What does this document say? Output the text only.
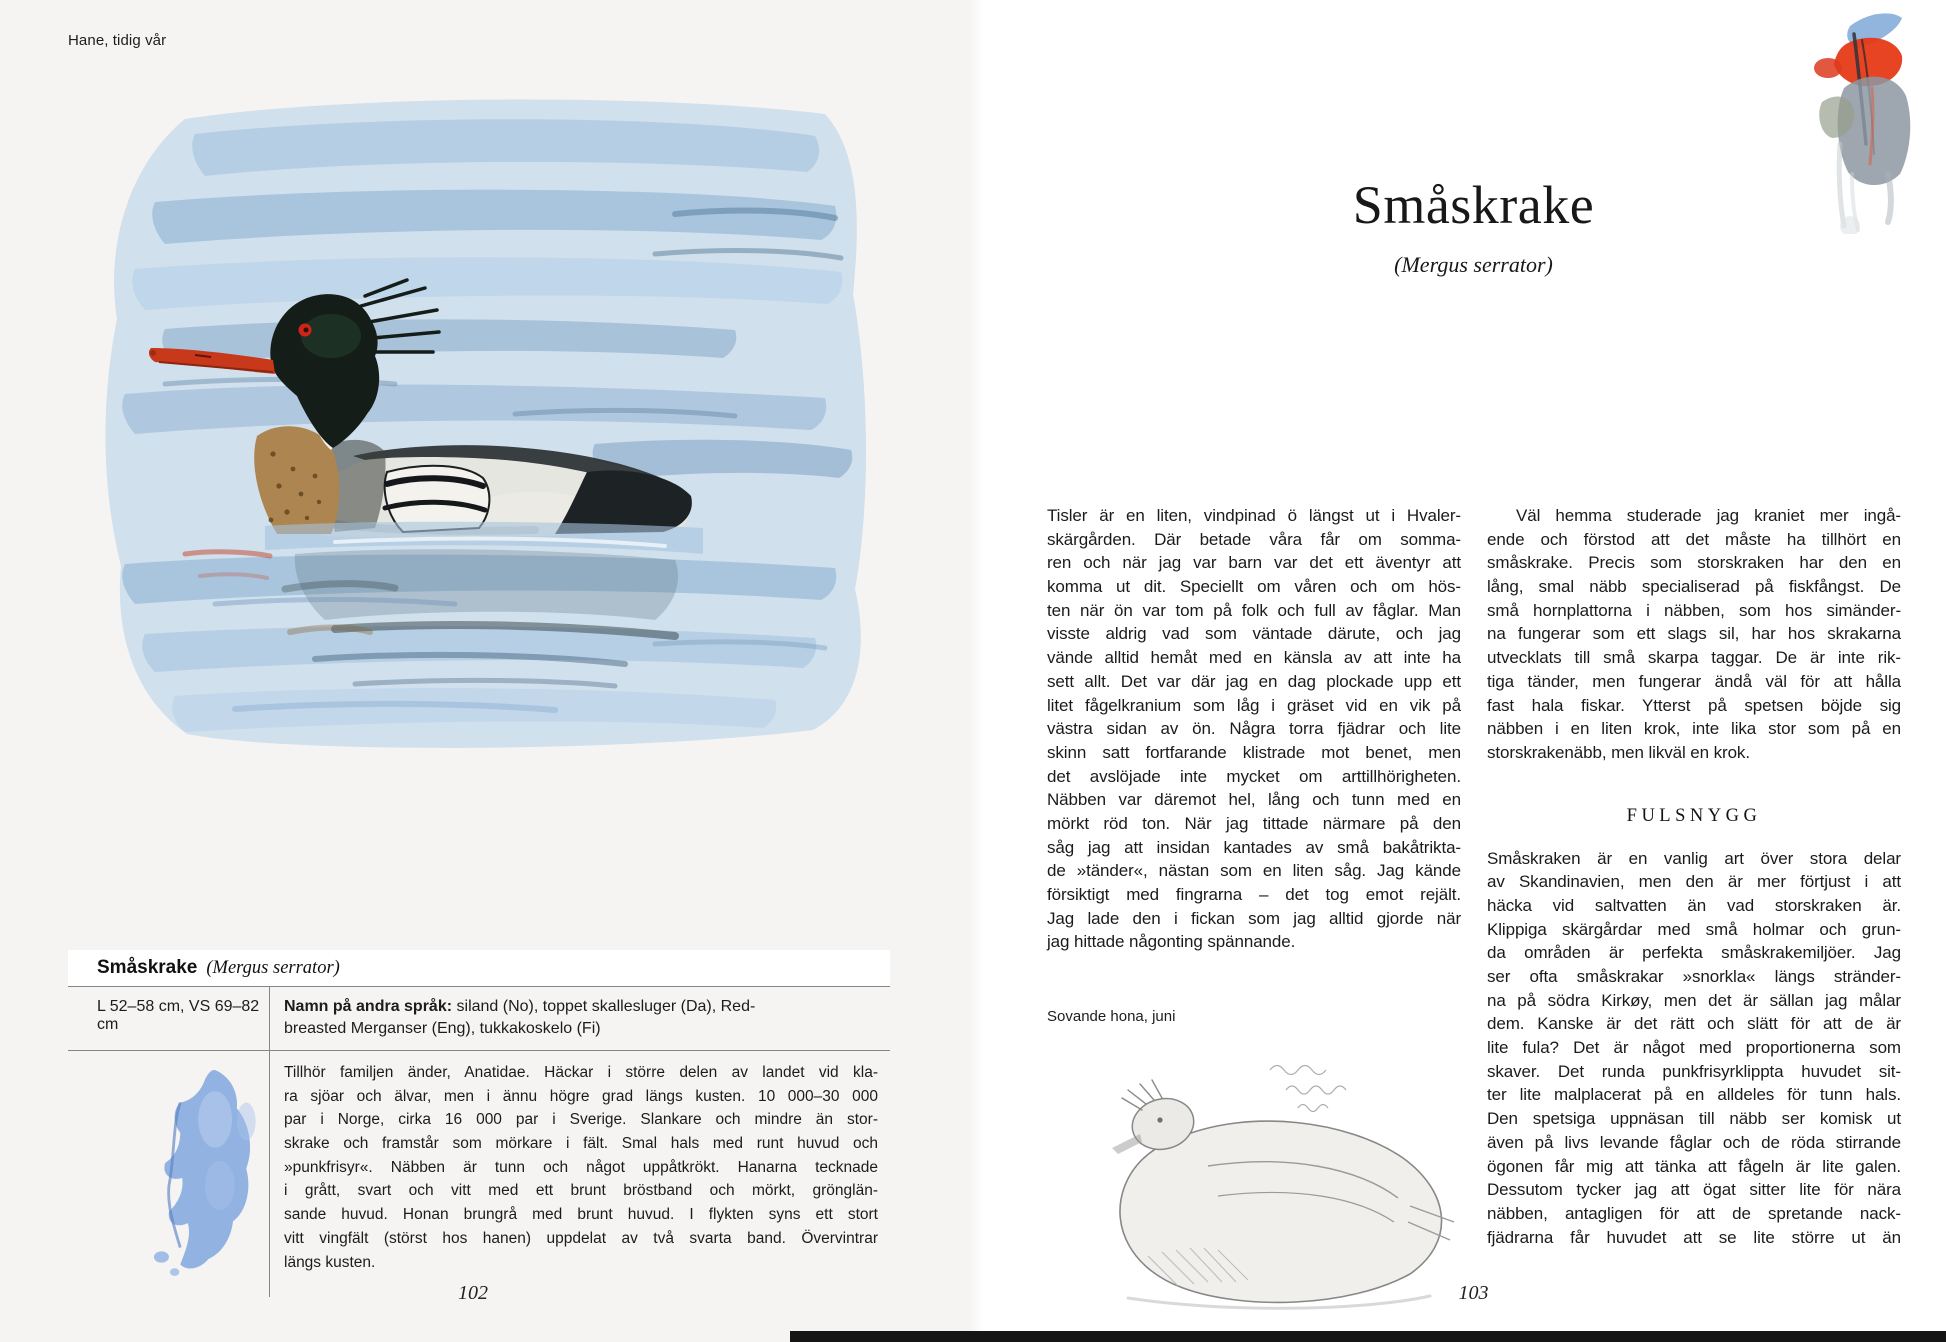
Hane, tidig vår
Småskrake (Mergus serrator)
L 52–58 cm, VS 69–82 cm
Namn på andra språk: siland (No), toppet skallesluger (Da), Red-
breasted Merganser (Eng), tukkakoskelo (Fi)
Tillhör familjen änder, Anatidae. Häckar i större delen av landet vid kla-
ra sjöar och älvar, men i ännu högre grad längs kusten. 10 000–30 000
par i Norge, cirka 16 000 par i Sverige. Slankare och mindre än stor-
skrake och framstår som mörkare i fält. Smal hals med runt huvud och
»punkfrisyr«. Näbben är tunn och något uppåtkrökt. Hanarna tecknade
i grått, svart och vitt med ett brunt bröstband och mörkt, grönglän-
sande huvud. Honan brungrå med brunt huvud. I flykten syns ett stort
vitt vingfält (störst hos hanen) uppdelat av två svarta band. Övervintrar
längs kusten.
102
Småskrake
(Mergus serrator)
Tisler är en liten, vindpinad ö längst ut i Hvaler-
skärgården. Där betade våra får om somma-
ren och när jag var barn var det ett äventyr att
komma ut dit. Speciellt om våren och om hös-
ten när ön var tom på folk och full av fåglar. Man
visste aldrig vad som väntade därute, och jag
vände alltid hemåt med en känsla av att inte ha
sett allt. Det var där jag en dag plockade upp ett
litet fågelkranium som låg i gräset vid en vik på
västra sidan av ön. Några torra fjädrar och lite
skinn satt fortfarande klistrade mot benet, men
det avslöjade inte mycket om arttillhörigheten.
Näbben var däremot hel, lång och tunn med en
mörkt röd ton. När jag tittade närmare på den
såg jag att insidan kantades av små bakåtrikta-
de »tänder«, nästan som en liten såg. Jag kände
försiktigt med fingrarna – det tog emot rejält.
Jag lade den i fickan som jag alltid gjorde när
jag hittade någonting spännande.
Väl hemma studerade jag kraniet mer ingå-
ende och förstod att det måste ha tillhört en
småskrake. Precis som storskraken har den en
lång, smal näbb specialiserad på fiskfångst. De
små hornplattorna i näbben, som hos simänder-
na fungerar som ett slags sil, har hos skrakarna
utvecklats till små skarpa taggar. De är inte rik-
tiga tänder, men fungerar ändå väl för att hålla
fast hala fiskar. Ytterst på spetsen böjde sig
näbben i en liten krok, inte lika stor som på en
storskrakenäbb, men likväl en krok.
FULSNYGG
Småskraken är en vanlig art över stora delar
av Skandinavien, men den är mer förtjust i att
häcka vid saltvatten än vad storskraken är.
Klippiga skärgårdar med små holmar och grun-
da områden är perfekta småskrakemiljöer. Jag
ser ofta småskrakar »snorkla« längs stränder-
na på södra Kirkøy, men det är sällan jag målar
dem. Kanske är det rätt och slätt för att de är
lite fula? Det är något med proportionerna som
skaver. Det runda punkfrisyrklippta huvudet sit-
ter lite malplacerat på en alldeles för tunn hals.
Den spetsiga uppnäsan till näbb ser komisk ut
även på livs levande fåglar och de röda stirrande
ögonen får mig att tänka att fågeln är lite galen.
Dessutom tycker jag att ögat sitter lite för nära
näbben, antagligen för att de spretande nack-
fjädrarna får huvudet att se lite större ut än
Sovande hona, juni
103
